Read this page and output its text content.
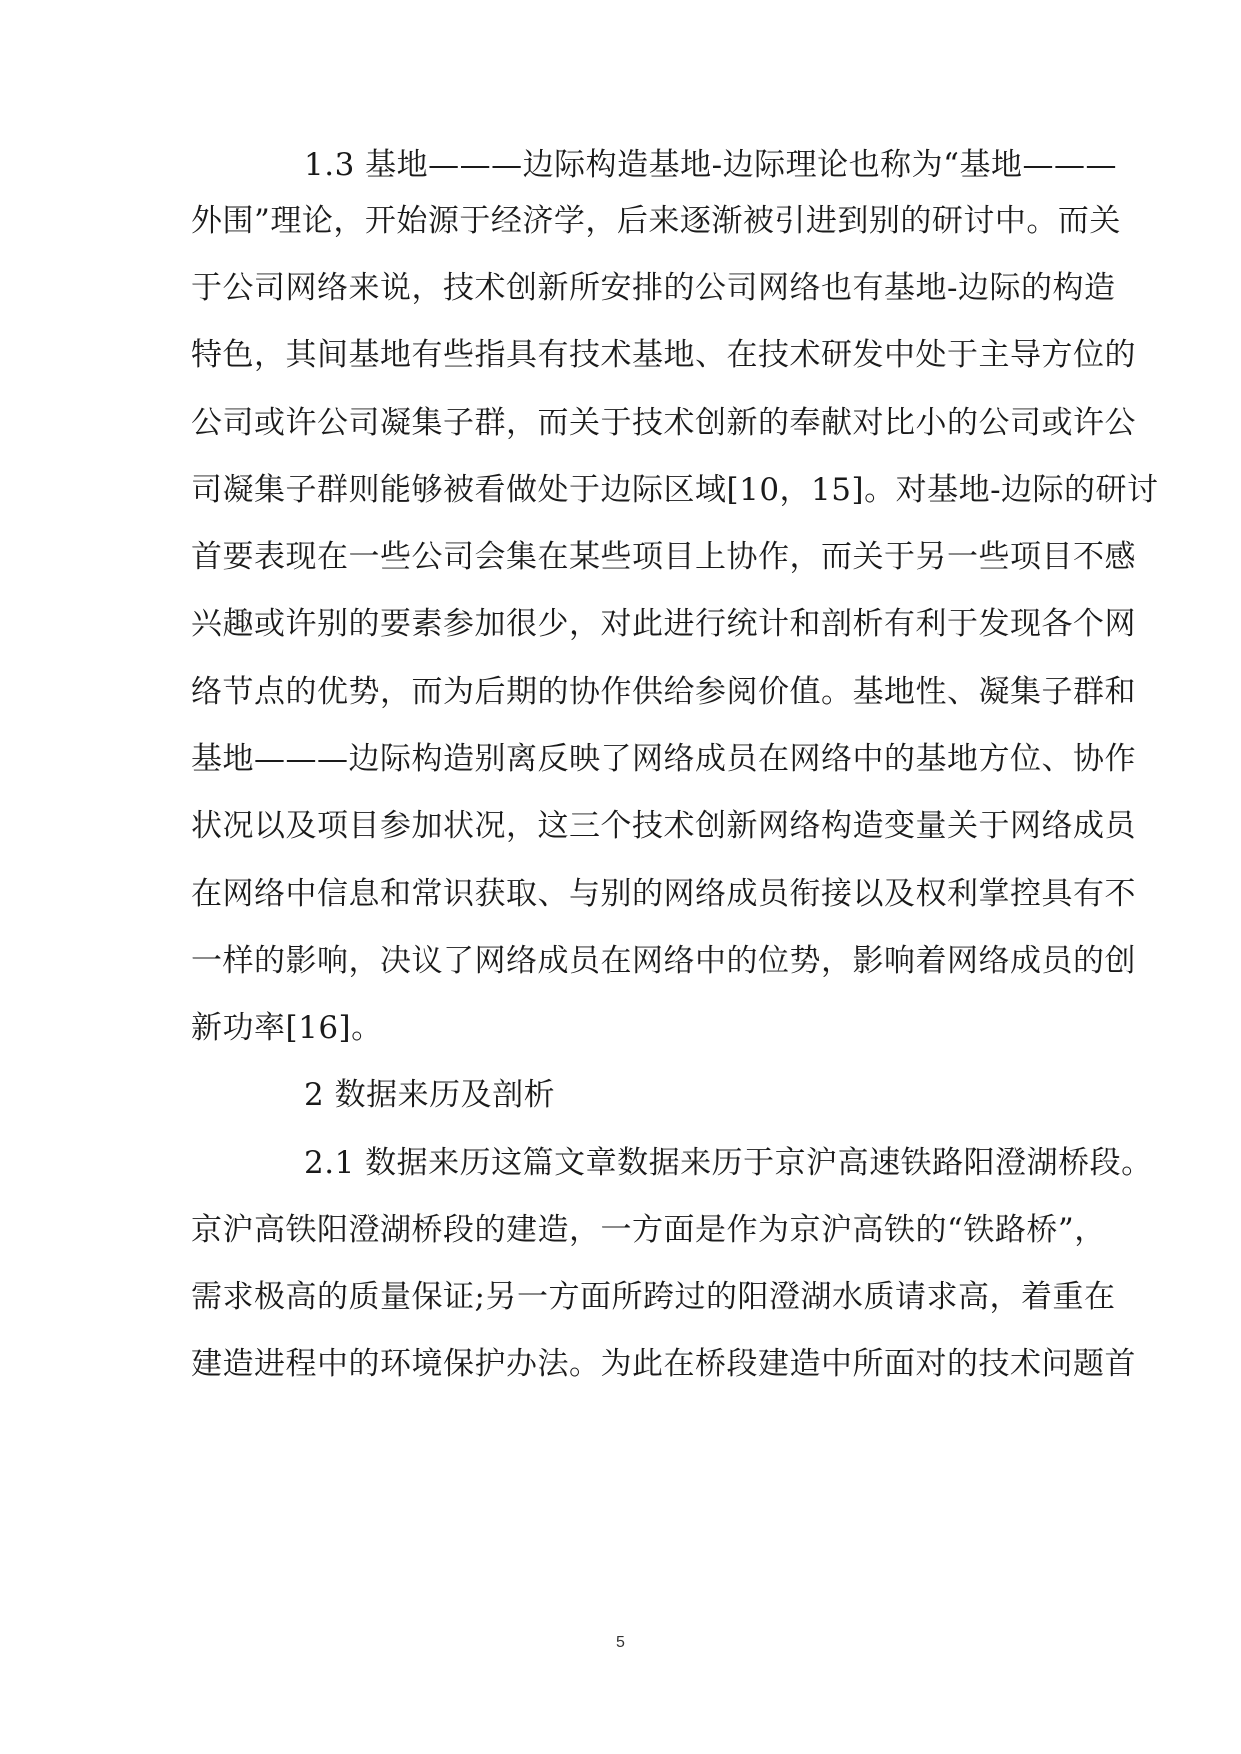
1.3 基地———边际构造基地-边际理论也称为“基地———
外围”理论，开始源于经济学，后来逐渐被引进到别的研讨中。而关
于公司网络来说，技术创新所安排的公司网络也有基地-边际的构造
特色，其间基地有些指具有技术基地、在技术研发中处于主导方位的
公司或许公司凝集子群，而关于技术创新的奉献对比小的公司或许公
司凝集子群则能够被看做处于边际区域[10，15]。对基地-边际的研讨
首要表现在一些公司会集在某些项目上协作，而关于另一些项目不感
兴趣或许别的要素参加很少，对此进行统计和剖析有利于发现各个网
络节点的优势，而为后期的协作供给参阅价值。基地性、凝集子群和
基地———边际构造别离反映了网络成员在网络中的基地方位、协作
状况以及项目参加状况，这三个技术创新网络构造变量关于网络成员
在网络中信息和常识获取、与别的网络成员衔接以及权利掌控具有不
一样的影响，决议了网络成员在网络中的位势，影响着网络成员的创
新功率[16]。
2 数据来历及剖析
2.1 数据来历这篇文章数据来历于京沪高速铁路阳澄湖桥段。
京沪高铁阳澄湖桥段的建造，一方面是作为京沪高铁的“铁路桥”，
需求极高的质量保证;另一方面所跨过的阳澄湖水质请求高，着重在
建造进程中的环境保护办法。为此在桥段建造中所面对的技术问题首
5
